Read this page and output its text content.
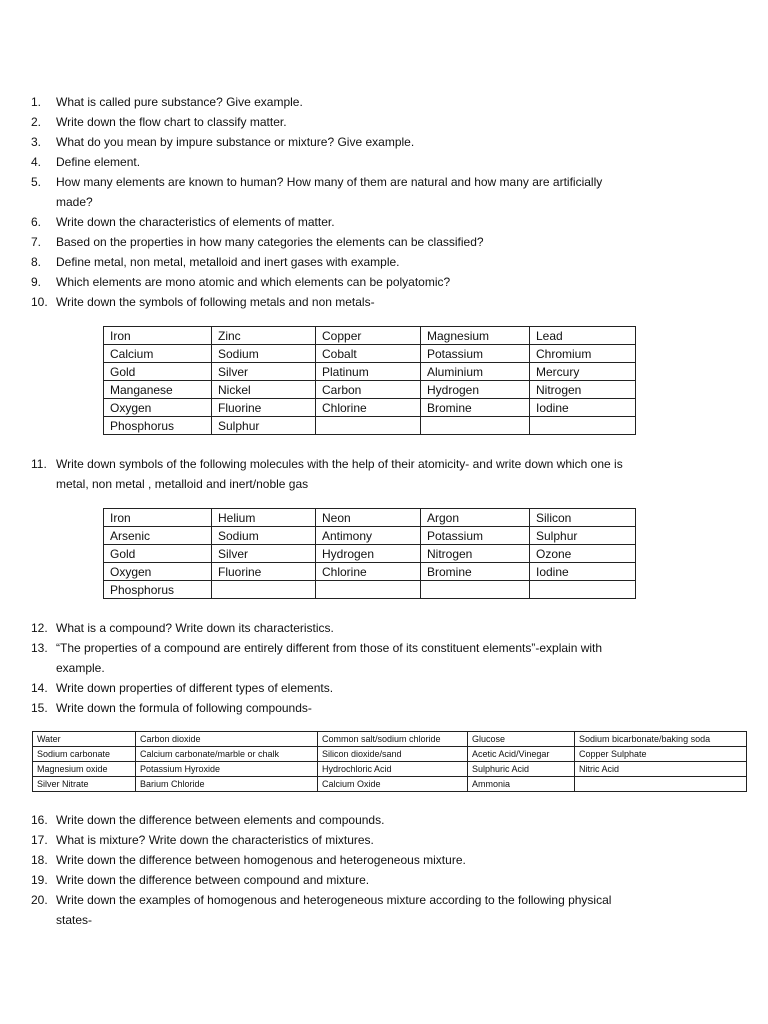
1.	What is called pure substance? Give example.
2.	Write down the flow chart to classify matter.
3.	What do you mean by impure substance or mixture? Give example.
4.	Define element.
5.	How many elements are known to human? How many of them are natural and how many are artificially
made?
6.	Write down the characteristics of elements of matter.
7.	Based on the properties in how many categories the elements can be classified?
8.	Define metal, non metal, metalloid and inert gases with example.
9.	Which elements are mono atomic and which elements can be polyatomic?
10. Write down the symbols of following metals and non metals-
Iron	Zinc	Copper	Magnesium	Lead
Calcium	Sodium	Cobalt	Potassium	Chromium
Gold	Silver	Platinum	Aluminium	Mercury
Manganese	Nickel	Carbon	Hydrogen	Nitrogen
Oxygen	Fluorine	Chlorine	Bromine	Iodine
Phosphorus	Sulphur			
11. Write down symbols of the following molecules with the help of their atomicity- and write down which one is
metal, non metal , metalloid and inert/noble gas
Iron	Helium	Neon	Argon	Silicon
Arsenic	Sodium	Antimony	Potassium	Sulphur
Gold	Silver	Hydrogen	Nitrogen	Ozone
Oxygen	Fluorine	Chlorine	Bromine	Iodine
Phosphorus				
12. What is a compound? Write down its characteristics.
13. “The properties of a compound are entirely different from those of its constituent elements”-explain with
example.
14. Write down properties of different types of elements.
15. Write down the formula of following compounds-
Water	Carbon dioxide	Common salt/sodium chloride	Glucose	Sodium bicarbonate/baking soda
Sodium carbonate	Calcium carbonate/marble or chalk	Silicon dioxide/sand	Acetic Acid/Vinegar	Copper Sulphate
Magnesium oxide	Potassium Hyroxide	Hydrochloric Acid	Sulphuric Acid	Nitric Acid
Silver Nitrate	Barium Chloride	Calcium Oxide	Ammonia	
16. Write down the difference between elements and compounds.
17. What is mixture? Write down the characteristics of mixtures.
18. Write down the difference between homogenous and heterogeneous mixture.
19. Write down the difference between compound and mixture.
20. Write down the examples of homogenous and heterogeneous mixture according to the following physical
states-
